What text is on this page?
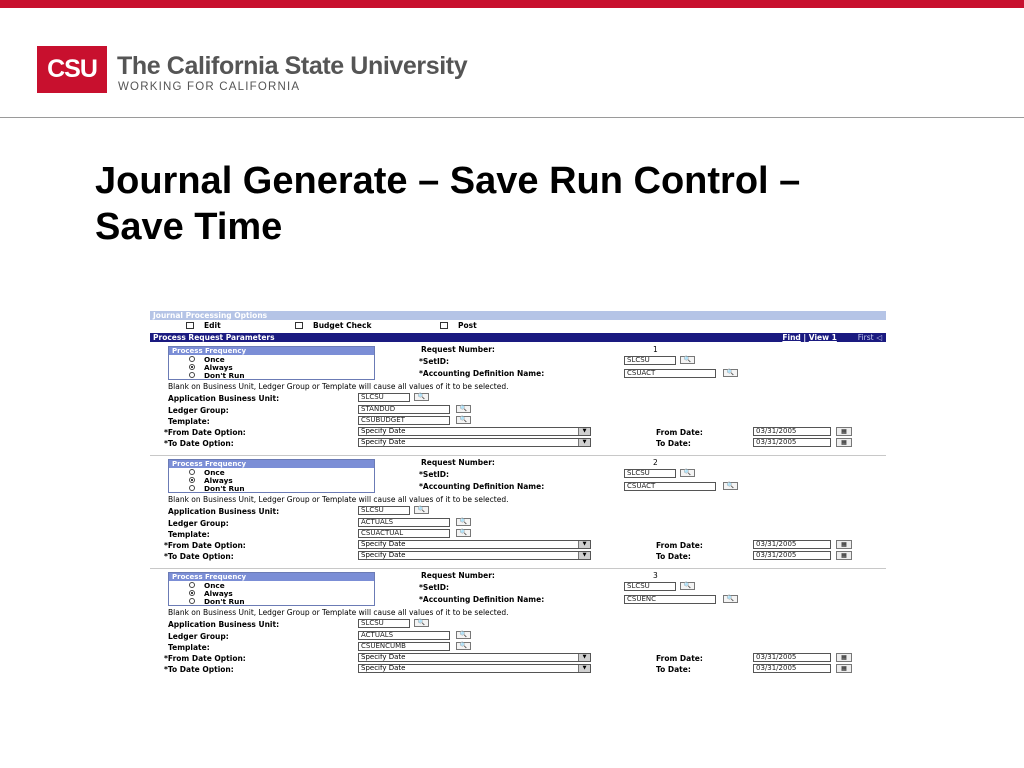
CSU The California State University
WORKING FOR CALIFORNIA
Journal Generate – Save Run Control –
Save Time
Journal Processing Options
Edit	Budget Check	Post
Process Request Parameters	Find | View 1	First ◁
Process Frequency
Once
Always
Don't Run
Request Number:	1
*SetID:	SLCSU	🔍
*Accounting Definition Name:	CSUACT	🔍
Blank on Business Unit, Ledger Group or Template will cause all values of it to be selected.
Application Business Unit:	SLCSU	🔍
Ledger Group:	STANDUD	🔍
Template:	CSUBUDGET	🔍
*From Date Option:	Specify Date	▼
*To Date Option:	Specify Date	▼
From Date:	03/31/2005	▦
To Date:	03/31/2005	▦
Process Frequency
Once
Always
Don't Run
Request Number:	2
*SetID:	SLCSU	🔍
*Accounting Definition Name:	CSUACT	🔍
Blank on Business Unit, Ledger Group or Template will cause all values of it to be selected.
Application Business Unit:	SLCSU	🔍
Ledger Group:	ACTUALS	🔍
Template:	CSUACTUAL	🔍
*From Date Option:	Specify Date	▼
*To Date Option:	Specify Date	▼
From Date:	03/31/2005	▦
To Date:	03/31/2005	▦
Process Frequency
Once
Always
Don't Run
Request Number:	3
*SetID:	SLCSU	🔍
*Accounting Definition Name:	CSUENC	🔍
Blank on Business Unit, Ledger Group or Template will cause all values of it to be selected.
Application Business Unit:	SLCSU	🔍
Ledger Group:	ACTUALS	🔍
Template:	CSUENCUMB	🔍
*From Date Option:	Specify Date	▼
*To Date Option:	Specify Date	▼
From Date:	03/31/2005	▦
To Date:	03/31/2005	▦
